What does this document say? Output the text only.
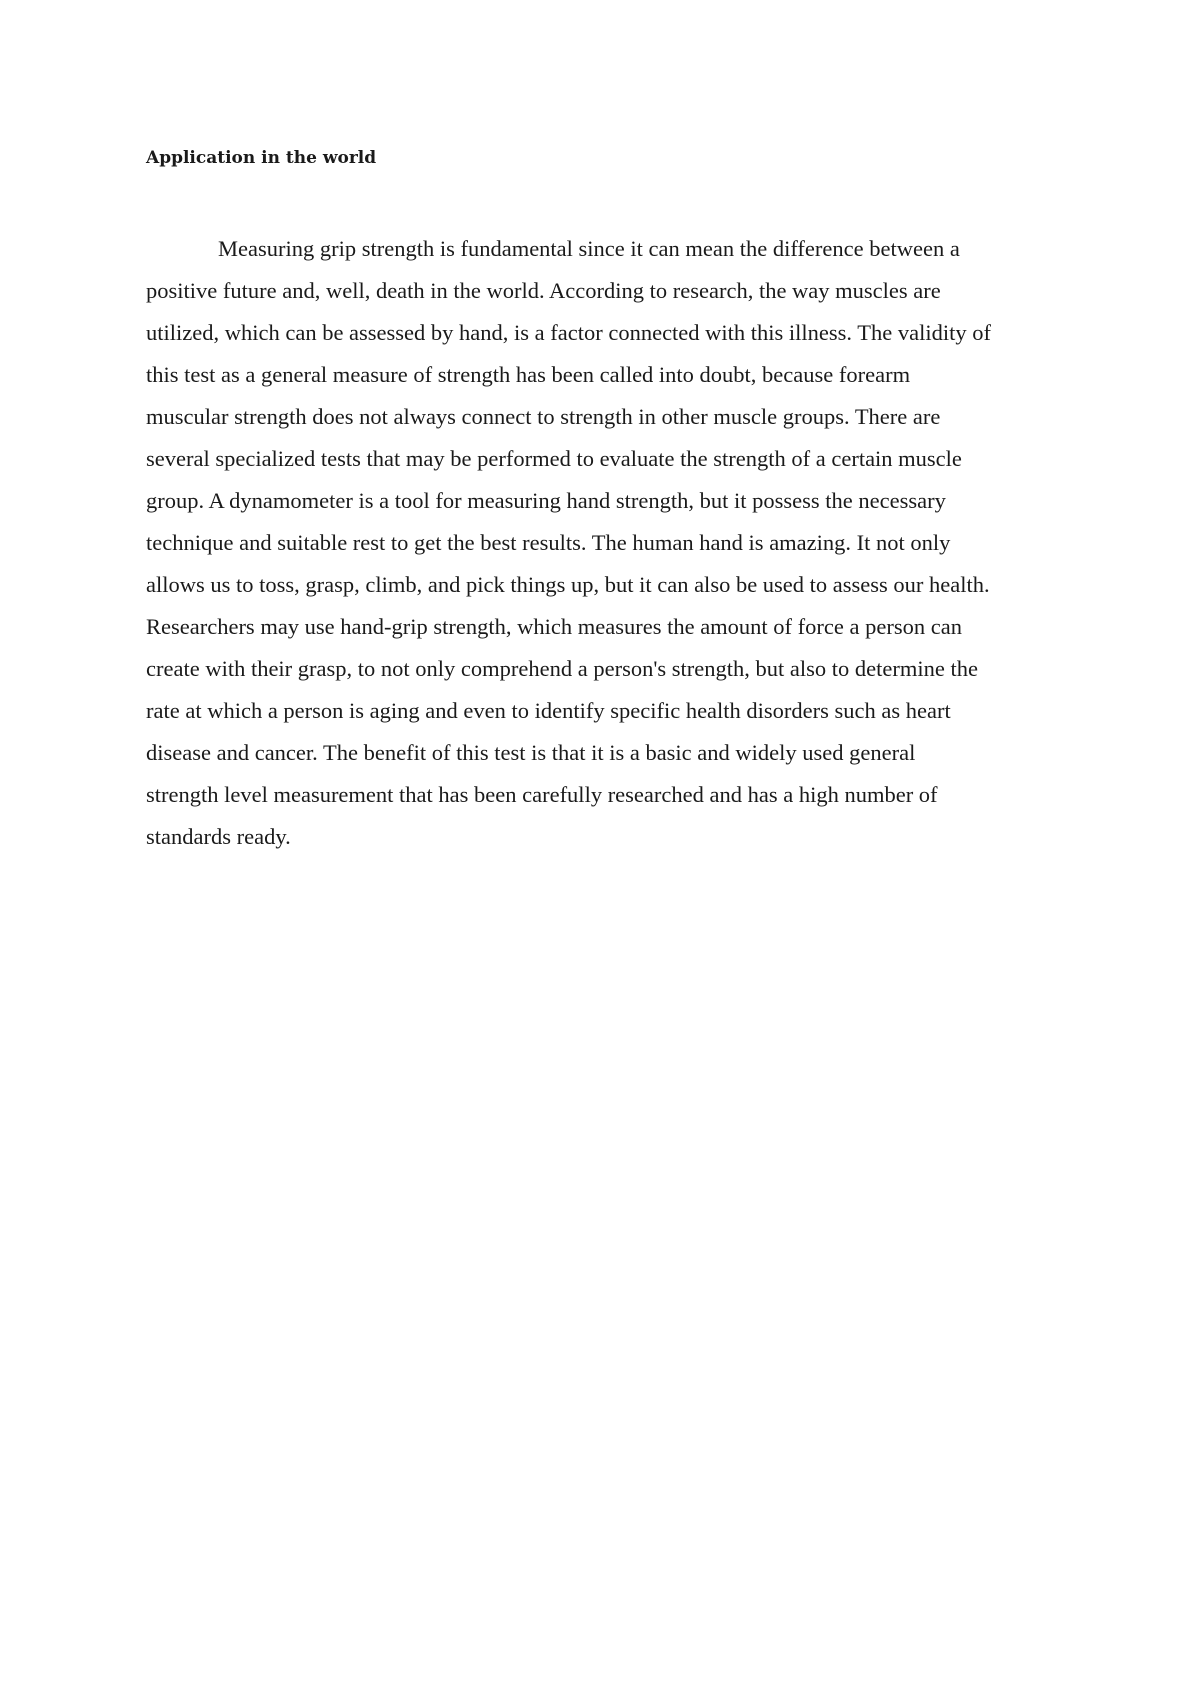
Application in the world

Measuring grip strength is fundamental since it can mean the difference between a
positive future and, well, death in the world. According to research, the way muscles are
utilized, which can be assessed by hand, is a factor connected with this illness. The validity of
this test as a general measure of strength has been called into doubt, because forearm
muscular strength does not always connect to strength in other muscle groups. There are
several specialized tests that may be performed to evaluate the strength of a certain muscle
group. A dynamometer is a tool for measuring hand strength, but it possess the necessary
technique and suitable rest to get the best results. The human hand is amazing. It not only
allows us to toss, grasp, climb, and pick things up, but it can also be used to assess our health.
Researchers may use hand-grip strength, which measures the amount of force a person can
create with their grasp, to not only comprehend a person's strength, but also to determine the
rate at which a person is aging and even to identify specific health disorders such as heart
disease and cancer. The benefit of this test is that it is a basic and widely used general
strength level measurement that has been carefully researched and has a high number of
standards ready.
